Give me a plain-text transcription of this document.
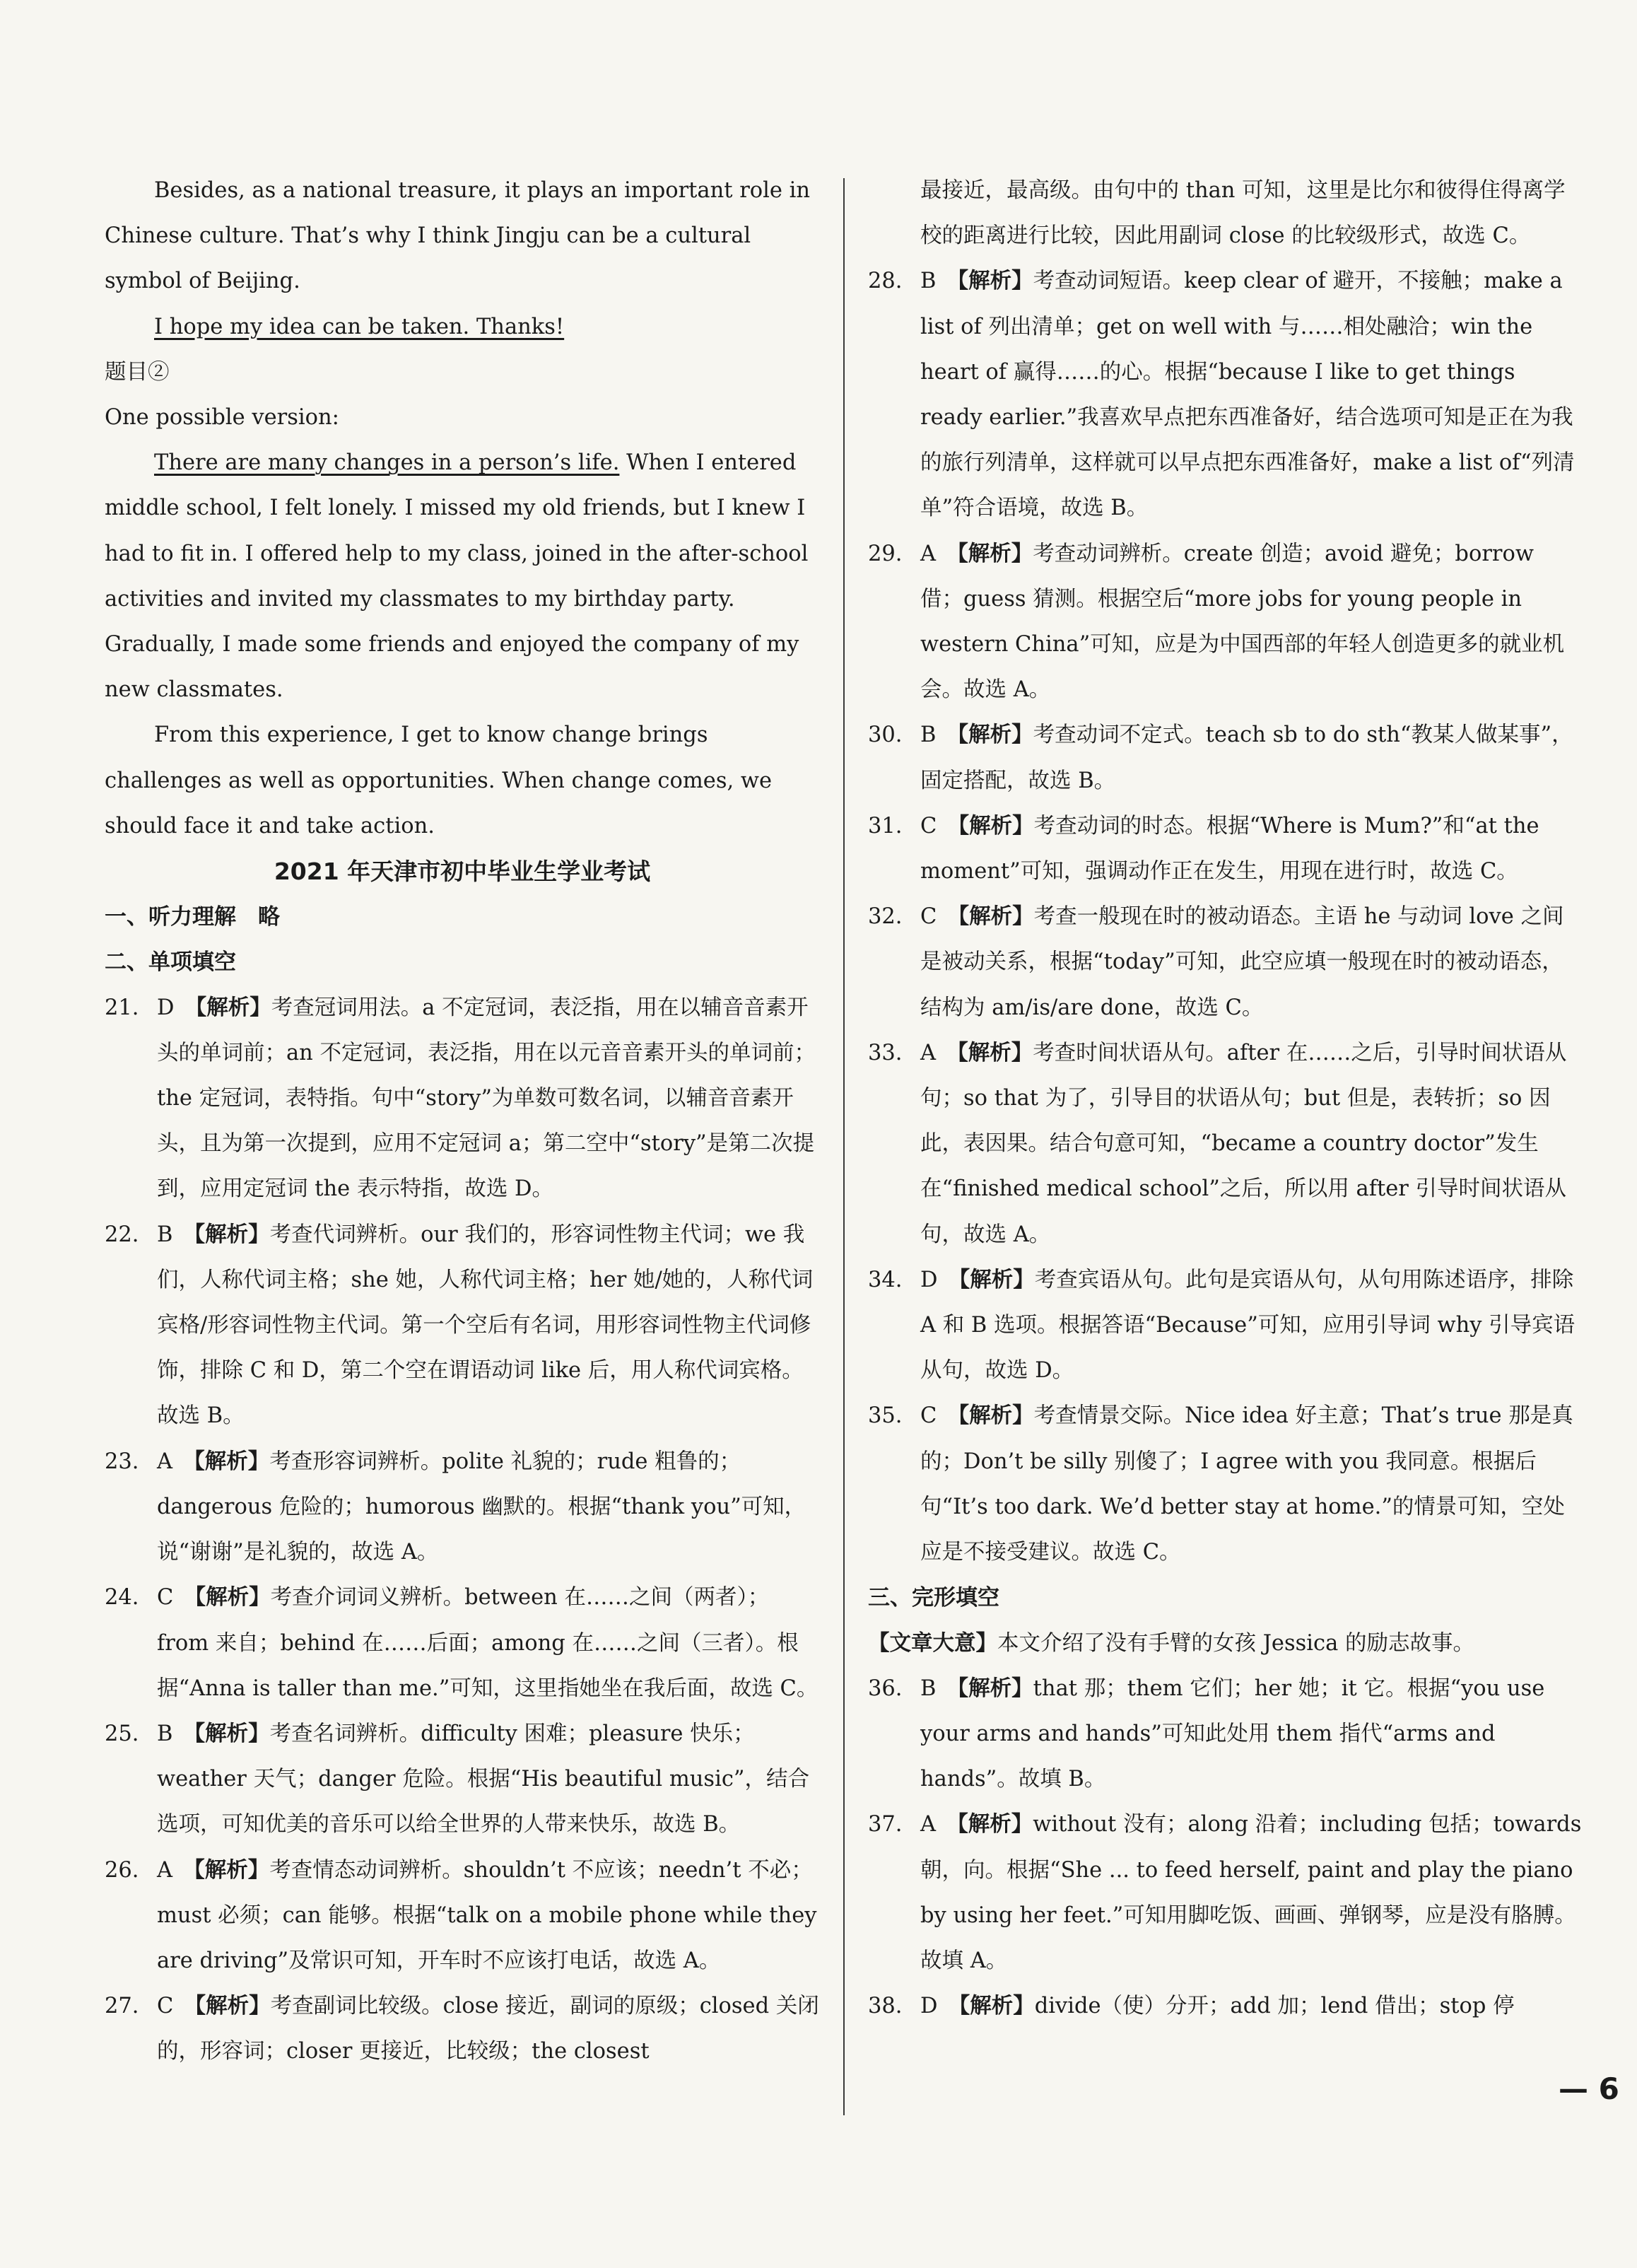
Besides, as a national treasure, it plays an important role in Chinese culture. That’s why I think Jingju can be a cultural symbol of Beijing.

I hope my idea can be taken. Thanks!

题目②

One possible version:

There are many changes in a person’s life. When I entered middle school, I felt lonely. I missed my old friends, but I knew I had to fit in. I offered help to my class, joined in the after-school activities and invited my classmates to my birthday party. Gradually, I made some friends and enjoyed the company of my new classmates.

From this experience, I get to know change brings challenges as well as opportunities. When change comes, we should face it and take action.

2021 年天津市初中毕业生学业考试

一、听力理解　略

二、单项填空

21. D　 【解析】考查冠词用法。a 不定冠词，表泛指，用在以辅音音素开头的单词前；an 不定冠词，表泛指，用在以元音音素开头的单词前；the 定冠词，表特指。句中“story”为单数可数名词，以辅音音素开头，且为第一次提到，应用不定冠词 a；第二空中“story”是第二次提到，应用定冠词 the 表示特指，故选 D。

22. B　 【解析】考查代词辨析。our 我们的，形容词性物主代词；we 我们，人称代词主格；she 她，人称代词主格；her 她/她的，人称代词宾格/形容词性物主代词。第一个空后有名词，用形容词性物主代词修饰，排除 C 和 D，第二个空在谓语动词 like 后，用人称代词宾格。故选 B。

23. A　 【解析】考查形容词辨析。polite 礼貌的；rude 粗鲁的；dangerous 危险的；humorous 幽默的。根据“thank you”可知，说“谢谢”是礼貌的，故选 A。

24. C　 【解析】考查介词词义辨析。between 在……之间（两者）；from 来自；behind 在……后面；among 在……之间（三者）。根据“Anna is taller than me.”可知，这里指她坐在我后面，故选 C。

25. B　 【解析】考查名词辨析。difficulty 困难；pleasure 快乐；weather 天气；danger 危险。根据“His beautiful music”，结合选项，可知优美的音乐可以给全世界的人带来快乐，故选 B。

26. A　 【解析】考查情态动词辨析。shouldn’t 不应该；needn’t 不必；must 必须；can 能够。根据“talk on a mobile phone while they are driving”及常识可知，开车时不应该打电话，故选 A。

27. C　 【解析】考查副词比较级。close 接近，副词的原级；closed 关闭的，形容词；closer 更接近，比较级；the closest

最接近，最高级。由句中的 than 可知，这里是比尔和彼得住得离学校的距离进行比较，因此用副词 close 的比较级形式，故选 C。

28. B　 【解析】考查动词短语。keep clear of 避开，不接触；make a list of 列出清单；get on well with 与……相处融洽；win the heart of 赢得……的心。根据“because I like to get things ready earlier.”我喜欢早点把东西准备好，结合选项可知是正在为我的旅行列清单，这样就可以早点把东西准备好，make a list of“列清单”符合语境，故选 B。

29. A　 【解析】考查动词辨析。create 创造；avoid 避免；borrow 借；guess 猜测。根据空后“more jobs for young people in western China”可知，应是为中国西部的年轻人创造更多的就业机会。故选 A。

30. B　 【解析】考查动词不定式。teach sb to do sth“教某人做某事”，固定搭配，故选 B。

31. C　 【解析】考查动词的时态。根据“Where is Mum?”和“at the moment”可知，强调动作正在发生，用现在进行时，故选 C。

32. C　 【解析】考查一般现在时的被动语态。主语 he 与动词 love 之间是被动关系，根据“today”可知，此空应填一般现在时的被动语态，结构为 am/is/are done，故选 C。

33. A　 【解析】考查时间状语从句。after 在……之后，引导时间状语从句；so that 为了，引导目的状语从句；but 但是，表转折；so 因此，表因果。结合句意可知，“became a country doctor”发生在“finished medical school”之后，所以用 after 引导时间状语从句，故选 A。

34. D　 【解析】考查宾语从句。此句是宾语从句，从句用陈述语序，排除 A 和 B 选项。根据答语“Because”可知，应用引导词 why 引导宾语从句，故选 D。

35. C　 【解析】考查情景交际。Nice idea 好主意；That’s true 那是真的；Don’t be silly 别傻了；I agree with you 我同意。根据后句“It’s too dark. We’d better stay at home.”的情景可知，空处应是不接受建议。故选 C。

三、完形填空

【文章大意】本文介绍了没有手臂的女孩 Jessica 的励志故事。

36. B　 【解析】that 那；them 它们；her 她；it 它。根据“you use your arms and hands”可知此处用 them 指代“arms and hands”。故填 B。

37. A　 【解析】without 没有；along 沿着；including 包括；towards 朝，向。根据“She ... to feed herself, paint and play the piano by using her feet.”可知用脚吃饭、画画、弹钢琴，应是没有胳膊。故填 A。

38. D　 【解析】divide（使）分开；add 加；lend 借出；stop 停

— 6
